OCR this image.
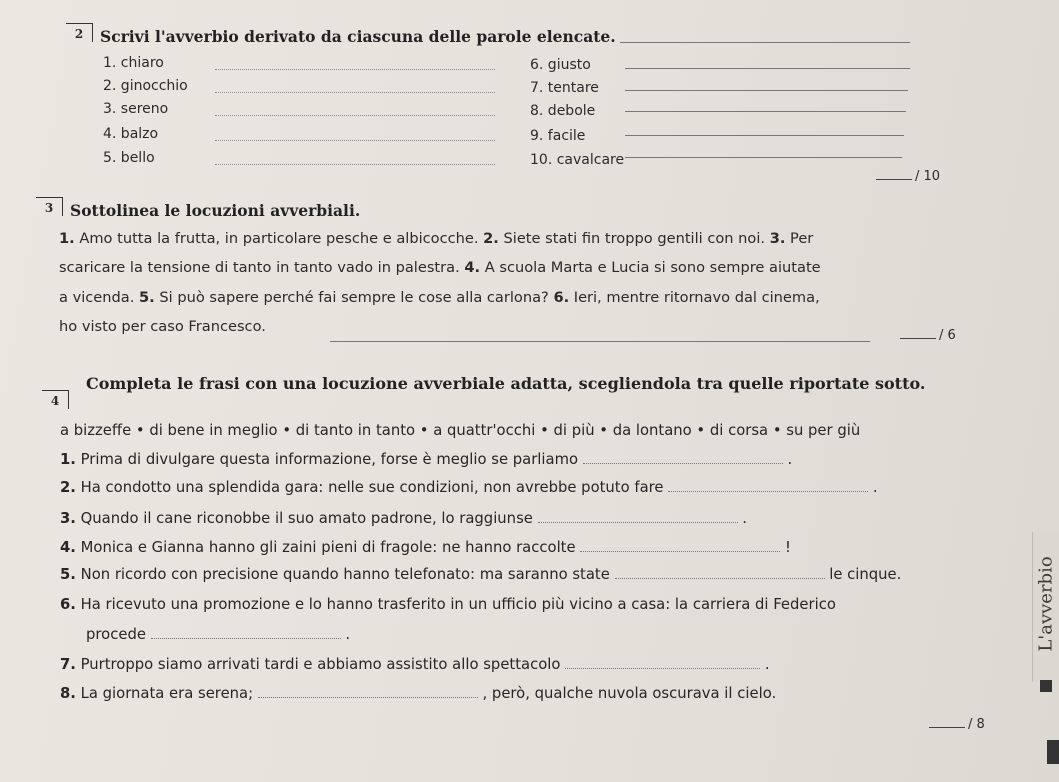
2	Scrivi l'avverbio derivato da ciascuna delle parole elencate.
1. chiaro
2. ginocchio
3. sereno
4. balzo
5. bello
6. giusto
7. tentare
8. debole
9. facile
10. cavalcare
/ 10
3	Sottolinea le locuzioni avverbiali.
1. Amo tutta la frutta, in particolare pesche e albicocche. 2. Siete stati fin troppo gentili con noi. 3. Per
scaricare la tensione di tanto in tanto vado in palestra. 4. A scuola Marta e Lucia si sono sempre aiutate
a vicenda. 5. Si può sapere perché fai sempre le cose alla carlona? 6. Ieri, mentre ritornavo dal cinema,
ho visto per caso Francesco.
/ 6
4
Completa le frasi con una locuzione avverbiale adatta, scegliendola tra quelle riportate sotto.
a bizzeffe • di bene in meglio • di tanto in tanto • a quattr'occhi • di più • da lontano • di corsa • su per giù
1. Prima di divulgare questa informazione, forse è meglio se parliamo	.
2. Ha condotto una splendida gara: nelle sue condizioni, non avrebbe potuto fare	.
3. Quando il cane riconobbe il suo amato padrone, lo raggiunse	.
4. Monica e Gianna hanno gli zaini pieni di fragole: ne hanno raccolte	!
5. Non ricordo con precisione quando hanno telefonato: ma saranno state	le cinque.
6. Ha ricevuto una promozione e lo hanno trasferito in un ufficio più vicino a casa: la carriera di Federico
procede	.
7. Purtroppo siamo arrivati tardi e abbiamo assistito allo spettacolo	.
8. La giornata era serena;	, però, qualche nuvola oscurava il cielo.
/ 8
L'avverbio
